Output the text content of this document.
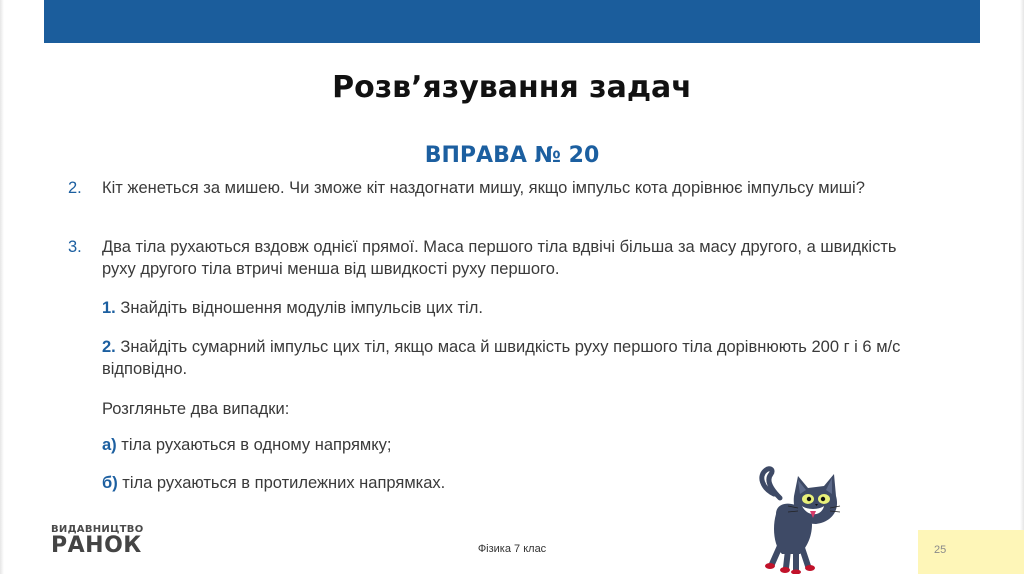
Розв’язування задач
ВПРАВА № 20
2.	Кіт женеться за мишею. Чи зможе кіт наздогнати мишу, якщо імпульс кота дорівнює імпульсу миші?
3.	Два тіла рухаються вздовж однієї прямої. Маса першого тіла вдвічі більша за масу другого, а швидкість руху другого тіла втричі менша від швидкості руху першого.
1. Знайдіть відношення модулів імпульсів цих тіл.
2. Знайдіть сумарний імпульс цих тіл, якщо маса й швидкість руху першого тіла дорівнюють 200 г і 6 м/с відповідно.
Розгляньте два випадки:
а) тіла рухаються в одному напрямку;
б) тіла рухаються в протилежних напрямках.
ВИДАВНИЦТВО
РАНОК	Фізика 7 клас	25
